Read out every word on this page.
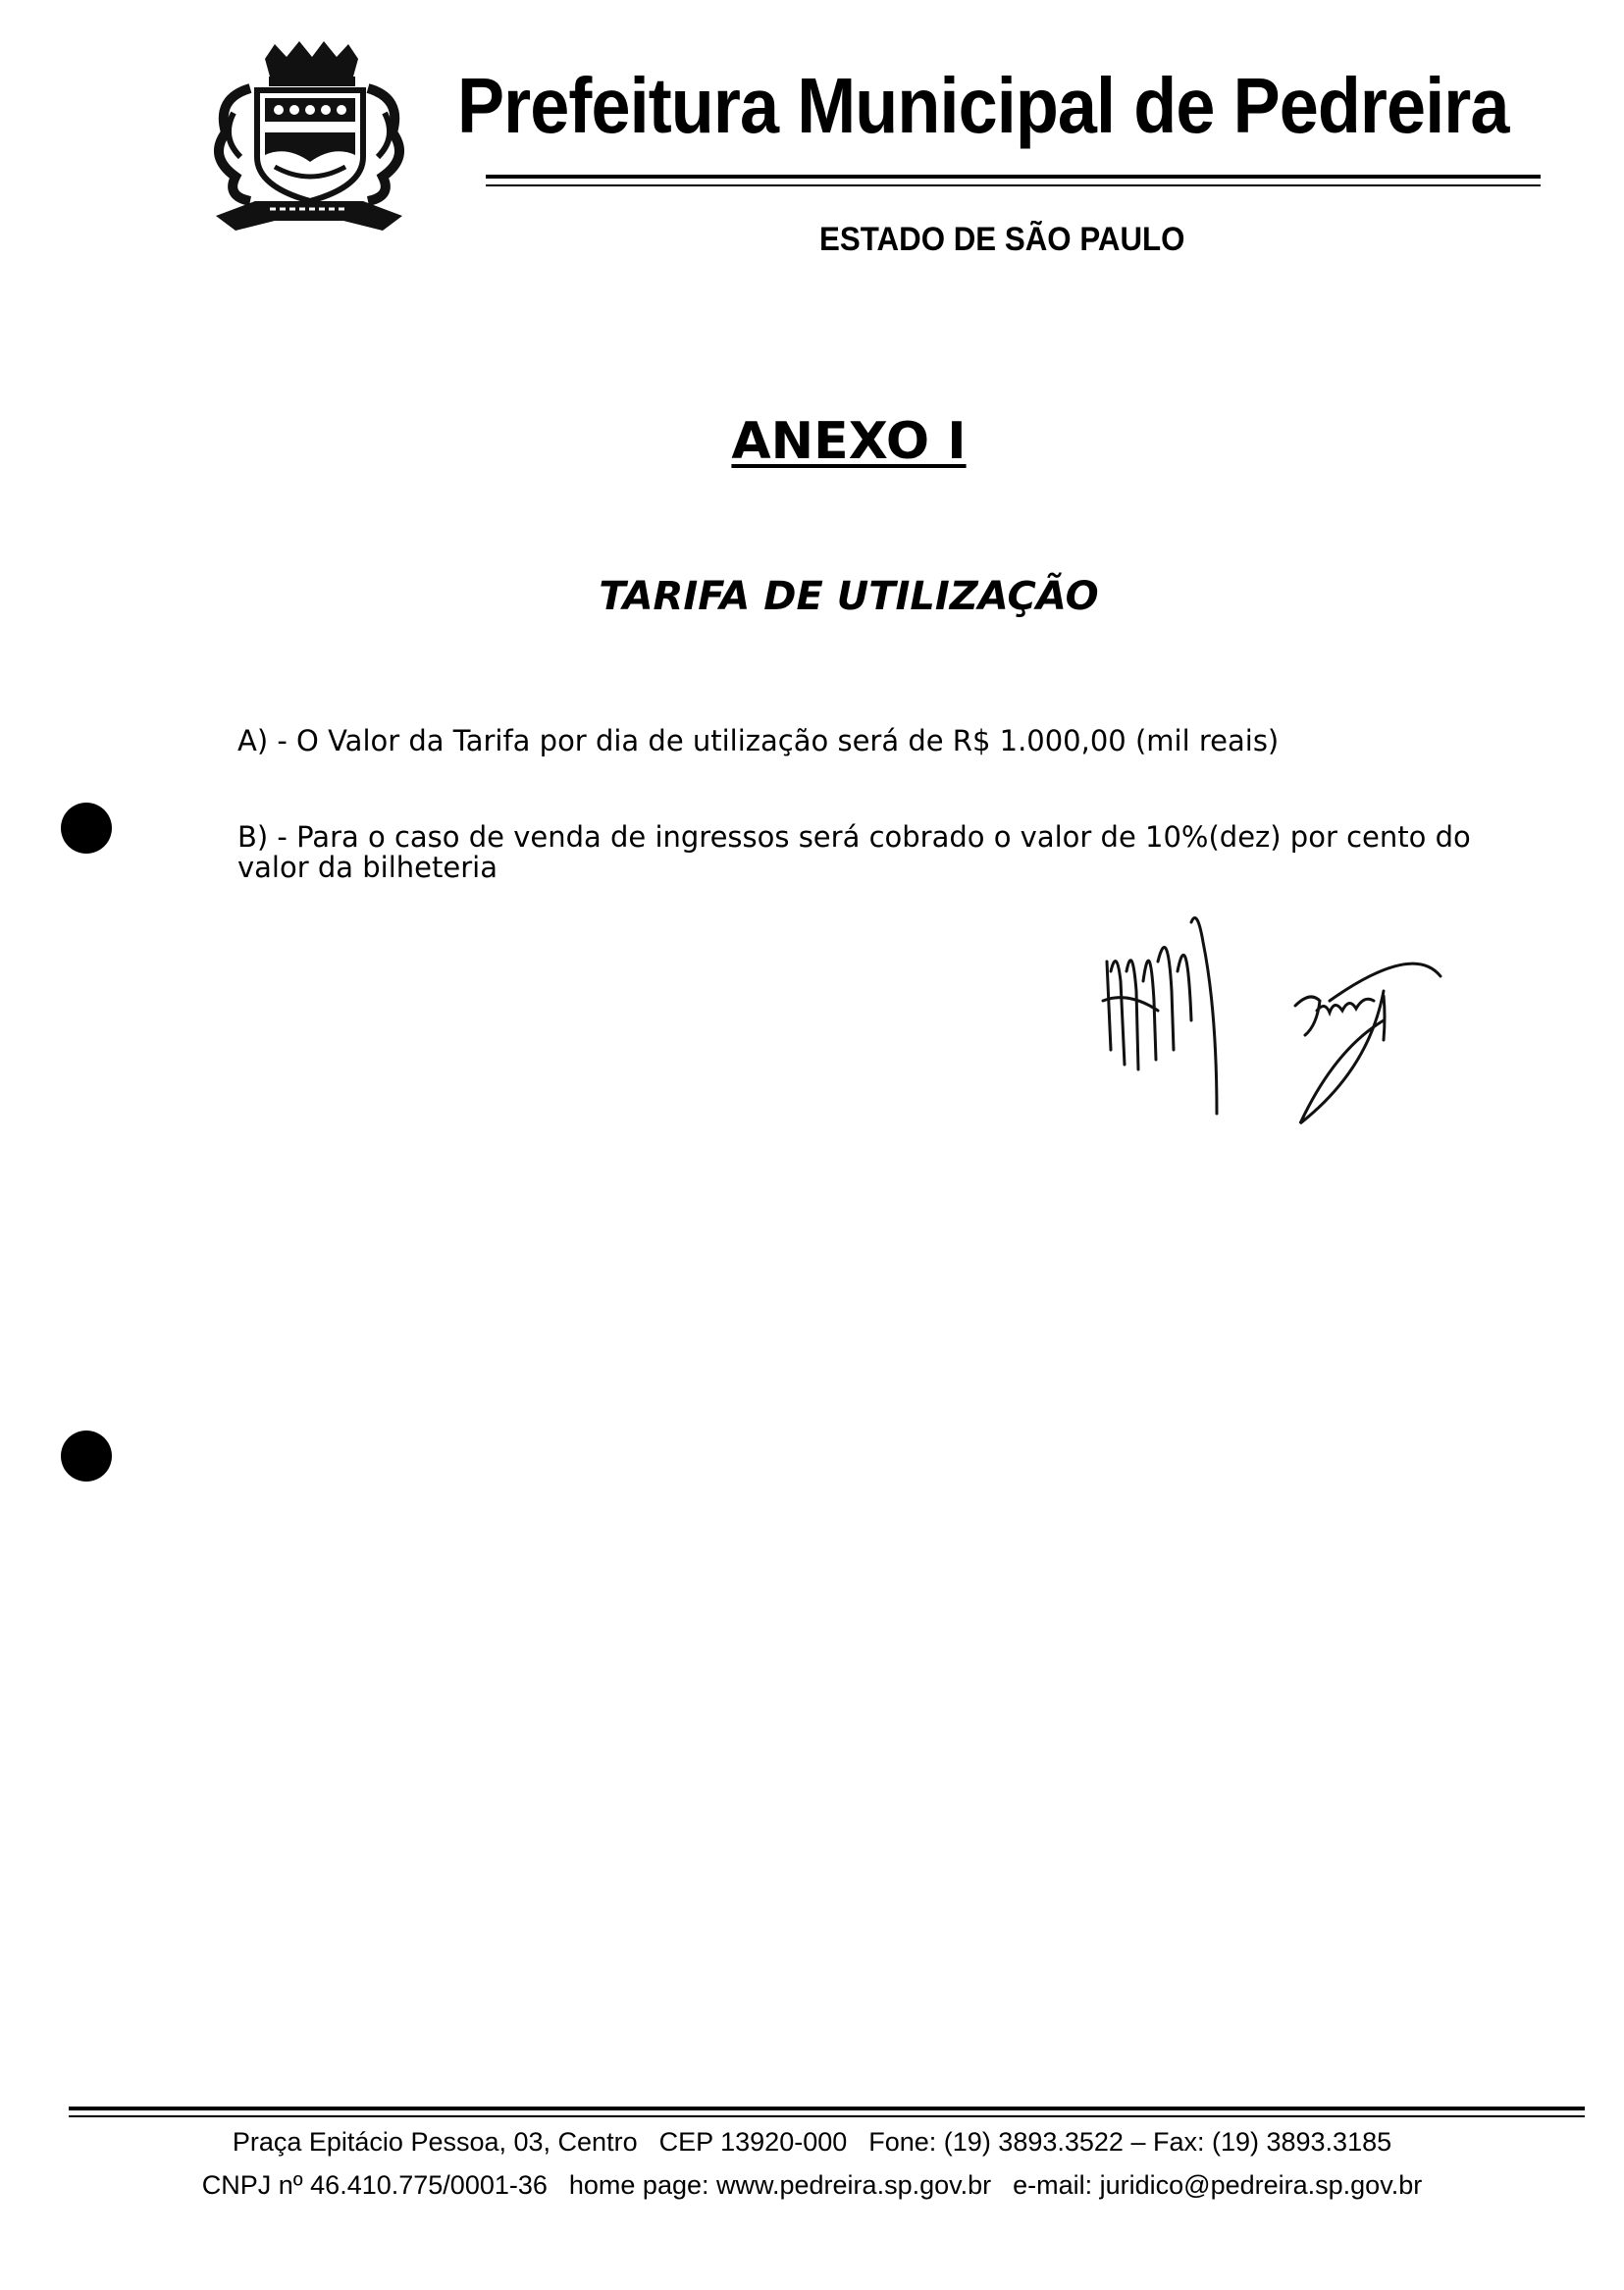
Prefeitura Municipal de Pedreira
ESTADO DE SÃO PAULO
ANEXO I
TARIFA DE UTILIZAÇÃO
A) - O Valor da Tarifa por dia de utilização será de R$ 1.000,00 (mil reais)
B) - Para o caso de venda de ingressos será cobrado o valor de 10%(dez) por cento do valor da bilheteria
Praça Epitácio Pessoa, 03, Centro CEP 13920-000 Fone: (19) 3893.3522 – Fax: (19) 3893.3185
CNPJ nº 46.410.775/0001-36 home page: www.pedreira.sp.gov.br e-mail: juridico@pedreira.sp.gov.br
